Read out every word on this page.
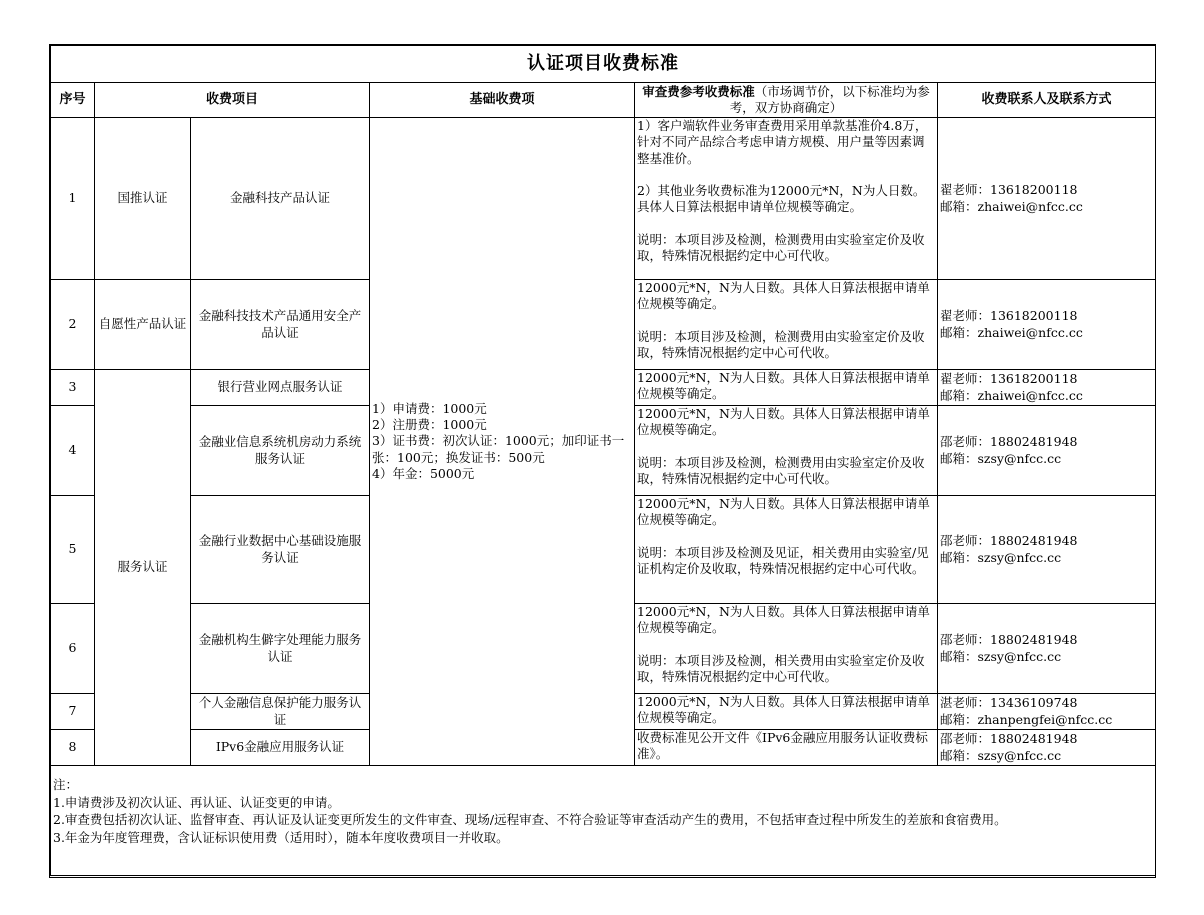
认证项目收费标准					
序号	收费项目		基础收费项	审查费参考收费标准（市场调节价，以下标准均为参考，双方协商确定）	收费联系人及联系方式
1	国推认证	金融科技产品认证	1）申请费：1000元
2）注册费：1000元
3）证书费：初次认证：1000元；加印证书一张：100元；换发证书：500元
4）年金：5000元	1）客户端软件业务审查费用采用单款基准价4.8万，针对不同产品综合考虑申请方规模、用户量等因素调整基准价。

2）其他业务收费标准为12000元*N，N为人日数。具体人日算法根据申请单位规模等确定。

说明：本项目涉及检测，检测费用由实验室定价及收取，特殊情况根据约定中心可代收。	翟老师：13618200118
邮箱：zhaiwei@nfcc.cc
2	自愿性产品认证	金融科技技术产品通用安全产品认证		12000元*N，N为人日数。具体人日算法根据申请单位规模等确定。

说明：本项目涉及检测，检测费用由实验室定价及收取，特殊情况根据约定中心可代收。	翟老师：13618200118
邮箱：zhaiwei@nfcc.cc
3	服务认证	银行营业网点服务认证		12000元*N，N为人日数。具体人日算法根据申请单位规模等确定。	翟老师：13618200118
邮箱：zhaiwei@nfcc.cc
4		金融业信息系统机房动力系统服务认证		12000元*N，N为人日数。具体人日算法根据申请单位规模等确定。

说明：本项目涉及检测，检测费用由实验室定价及收取，特殊情况根据约定中心可代收。	邵老师：18802481948
邮箱：szsy@nfcc.cc
5		金融行业数据中心基础设施服务认证		12000元*N，N为人日数。具体人日算法根据申请单位规模等确定。

说明：本项目涉及检测及见证，相关费用由实验室/见证机构定价及收取，特殊情况根据约定中心可代收。	邵老师：18802481948
邮箱：szsy@nfcc.cc
6		金融机构生僻字处理能力服务认证		12000元*N，N为人日数。具体人日算法根据申请单位规模等确定。

说明：本项目涉及检测，相关费用由实验室定价及收取，特殊情况根据约定中心可代收。	邵老师：18802481948
邮箱：szsy@nfcc.cc
7		个人金融信息保护能力服务认证		12000元*N，N为人日数。具体人日算法根据申请单位规模等确定。	湛老师：13436109748
邮箱：zhanpengfei@nfcc.cc
8		IPv6金融应用服务认证		收费标准见公开文件《IPv6金融应用服务认证收费标准》。	邵老师：18802481948
邮箱：szsy@nfcc.cc
注：
1.申请费涉及初次认证、再认证、认证变更的申请。
2.审查费包括初次认证、监督审查、再认证及认证变更所发生的文件审查、现场/远程审查、不符合验证等审查活动产生的费用，不包括审查过程中所发生的差旅和食宿费用。
3.年金为年度管理费，含认证标识使用费（适用时），随本年度收费项目一并收取。					
